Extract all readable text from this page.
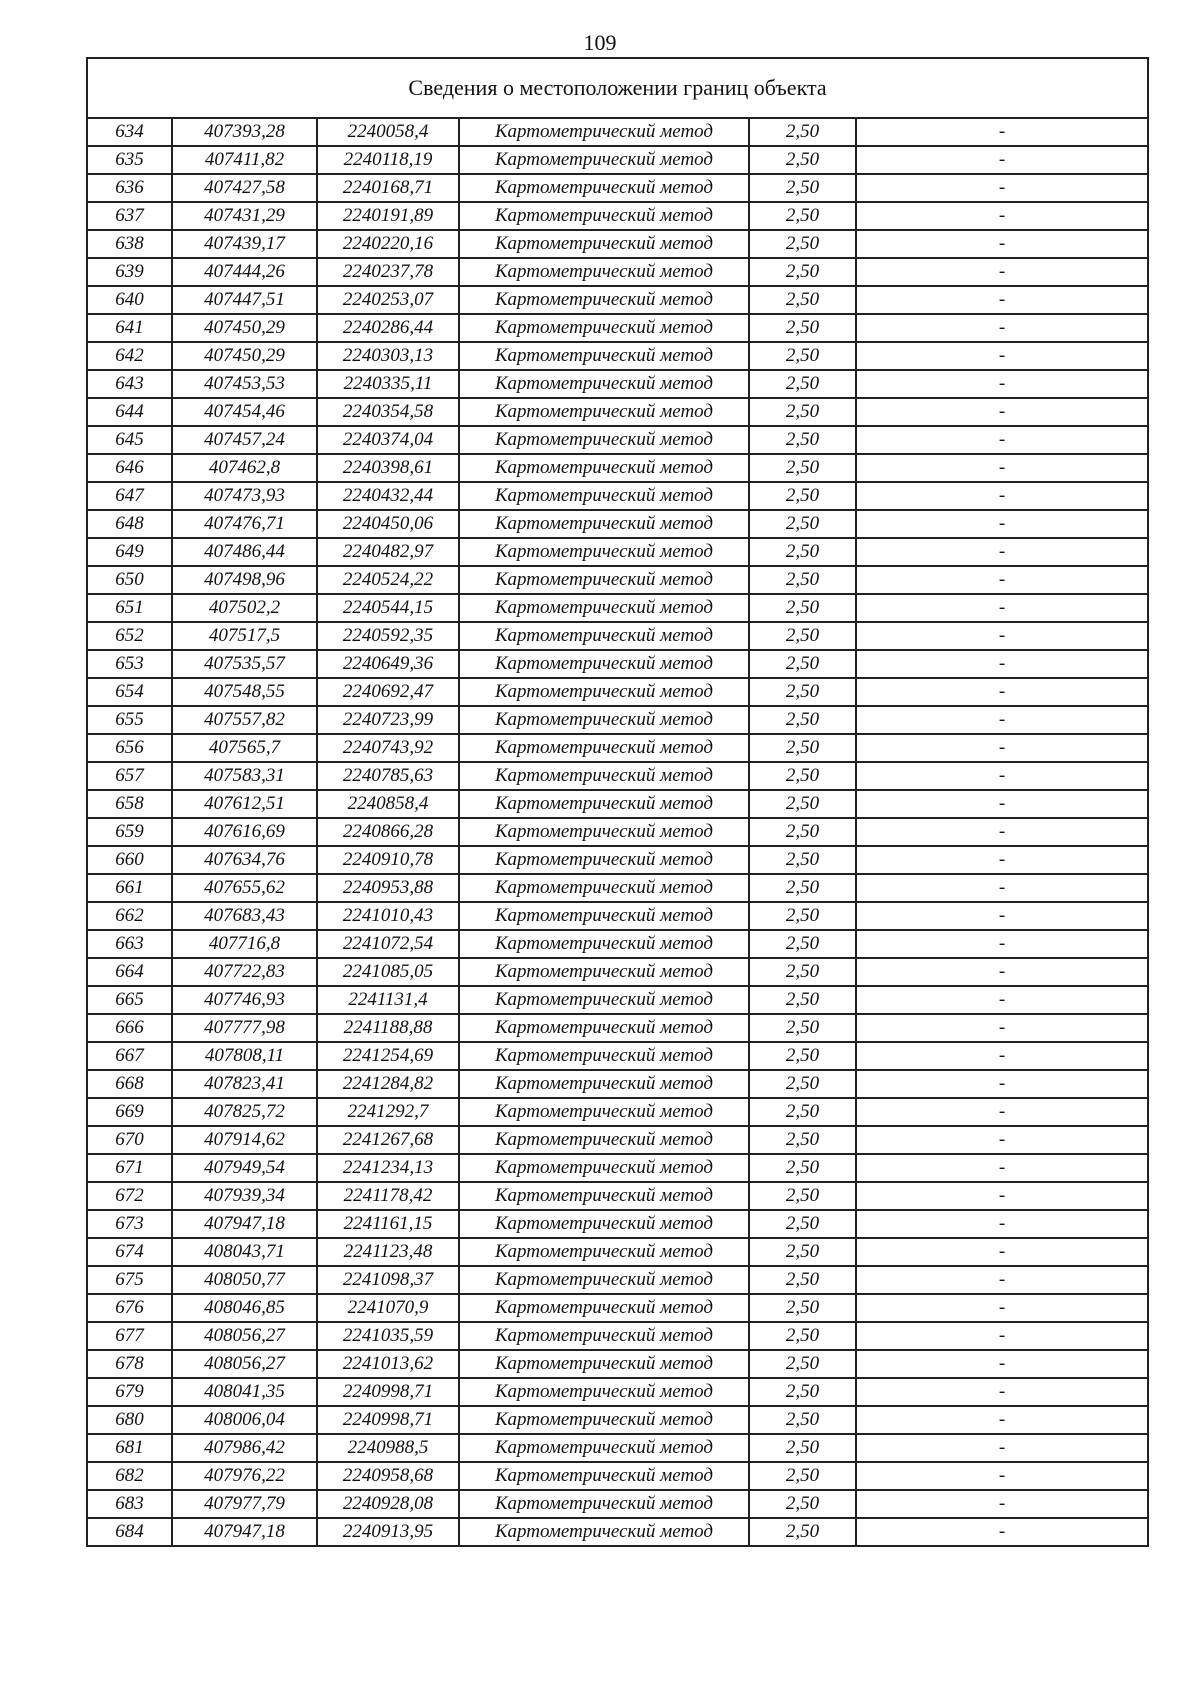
109
Сведения о местоположении границ объекта					
634	407393,28	2240058,4	Картометрический метод	2,50	-
635	407411,82	2240118,19	Картометрический метод	2,50	-
636	407427,58	2240168,71	Картометрический метод	2,50	-
637	407431,29	2240191,89	Картометрический метод	2,50	-
638	407439,17	2240220,16	Картометрический метод	2,50	-
639	407444,26	2240237,78	Картометрический метод	2,50	-
640	407447,51	2240253,07	Картометрический метод	2,50	-
641	407450,29	2240286,44	Картометрический метод	2,50	-
642	407450,29	2240303,13	Картометрический метод	2,50	-
643	407453,53	2240335,11	Картометрический метод	2,50	-
644	407454,46	2240354,58	Картометрический метод	2,50	-
645	407457,24	2240374,04	Картометрический метод	2,50	-
646	407462,8	2240398,61	Картометрический метод	2,50	-
647	407473,93	2240432,44	Картометрический метод	2,50	-
648	407476,71	2240450,06	Картометрический метод	2,50	-
649	407486,44	2240482,97	Картометрический метод	2,50	-
650	407498,96	2240524,22	Картометрический метод	2,50	-
651	407502,2	2240544,15	Картометрический метод	2,50	-
652	407517,5	2240592,35	Картометрический метод	2,50	-
653	407535,57	2240649,36	Картометрический метод	2,50	-
654	407548,55	2240692,47	Картометрический метод	2,50	-
655	407557,82	2240723,99	Картометрический метод	2,50	-
656	407565,7	2240743,92	Картометрический метод	2,50	-
657	407583,31	2240785,63	Картометрический метод	2,50	-
658	407612,51	2240858,4	Картометрический метод	2,50	-
659	407616,69	2240866,28	Картометрический метод	2,50	-
660	407634,76	2240910,78	Картометрический метод	2,50	-
661	407655,62	2240953,88	Картометрический метод	2,50	-
662	407683,43	2241010,43	Картометрический метод	2,50	-
663	407716,8	2241072,54	Картометрический метод	2,50	-
664	407722,83	2241085,05	Картометрический метод	2,50	-
665	407746,93	2241131,4	Картометрический метод	2,50	-
666	407777,98	2241188,88	Картометрический метод	2,50	-
667	407808,11	2241254,69	Картометрический метод	2,50	-
668	407823,41	2241284,82	Картометрический метод	2,50	-
669	407825,72	2241292,7	Картометрический метод	2,50	-
670	407914,62	2241267,68	Картометрический метод	2,50	-
671	407949,54	2241234,13	Картометрический метод	2,50	-
672	407939,34	2241178,42	Картометрический метод	2,50	-
673	407947,18	2241161,15	Картометрический метод	2,50	-
674	408043,71	2241123,48	Картометрический метод	2,50	-
675	408050,77	2241098,37	Картометрический метод	2,50	-
676	408046,85	2241070,9	Картометрический метод	2,50	-
677	408056,27	2241035,59	Картометрический метод	2,50	-
678	408056,27	2241013,62	Картометрический метод	2,50	-
679	408041,35	2240998,71	Картометрический метод	2,50	-
680	408006,04	2240998,71	Картометрический метод	2,50	-
681	407986,42	2240988,5	Картометрический метод	2,50	-
682	407976,22	2240958,68	Картометрический метод	2,50	-
683	407977,79	2240928,08	Картометрический метод	2,50	-
684	407947,18	2240913,95	Картометрический метод	2,50	-
